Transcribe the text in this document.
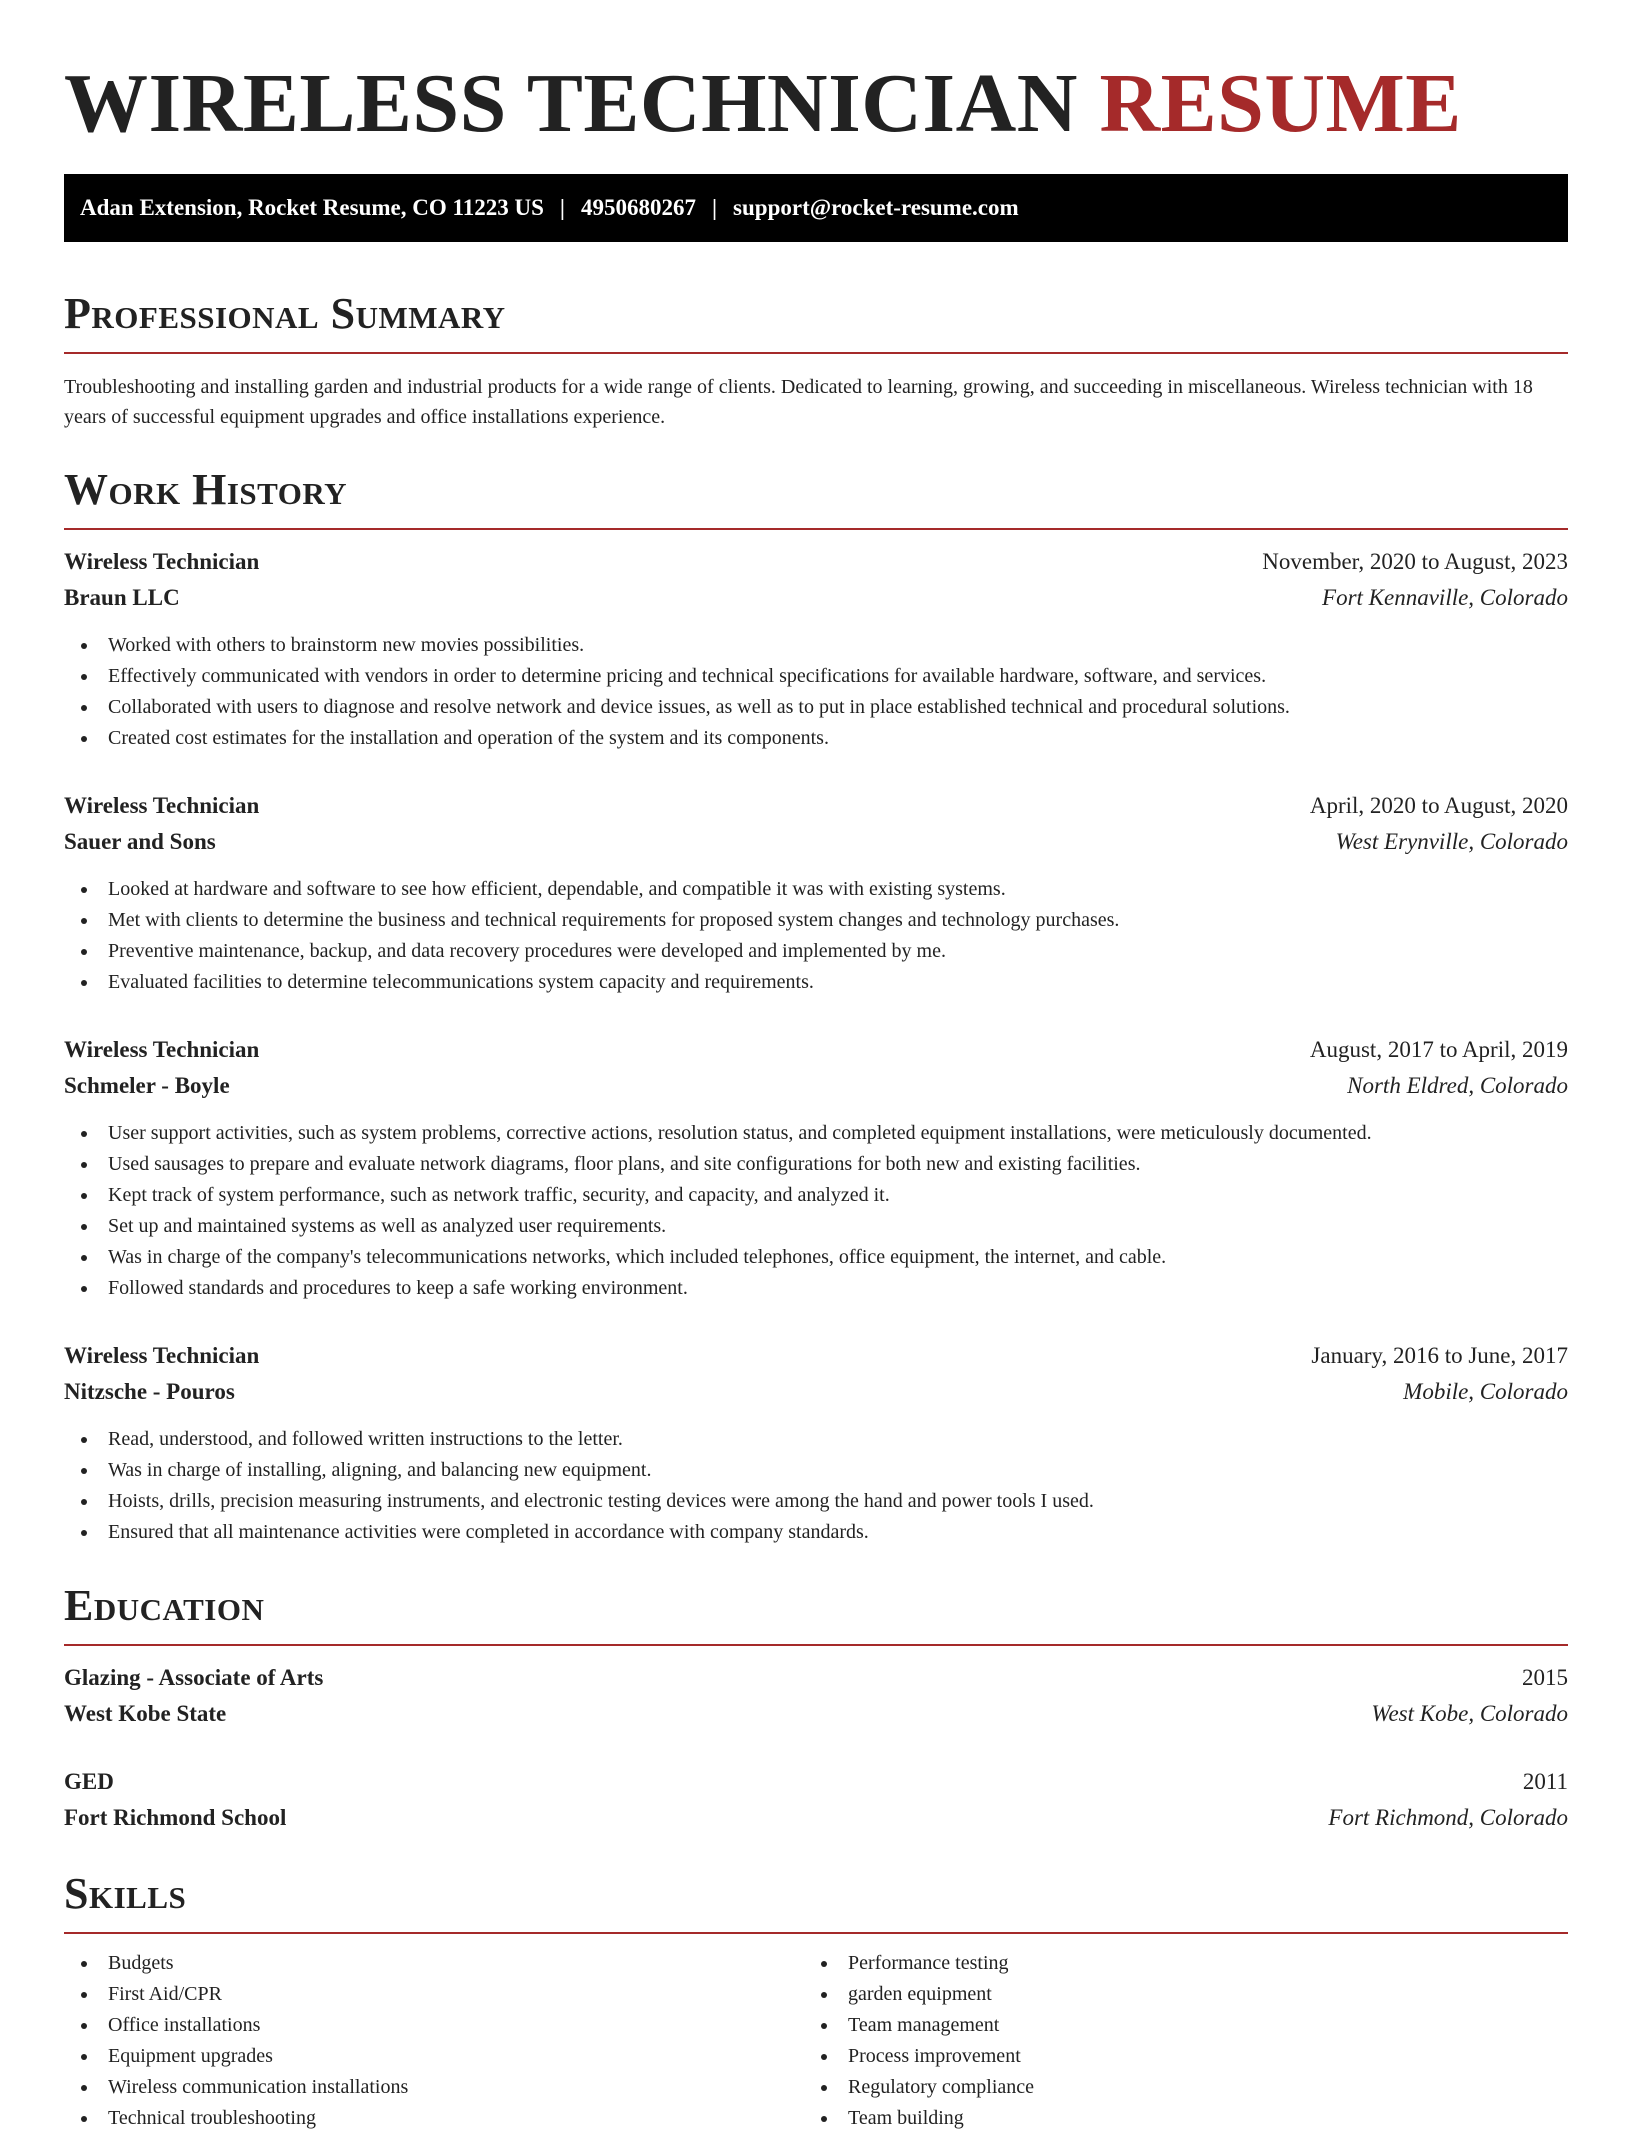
WIRELESS TECHNICIAN RESUME
Adan Extension, Rocket Resume, CO 11223 US | 4950680267 | support@rocket-resume.com
Professional Summary

Troubleshooting and installing garden and industrial products for a wide range of clients. Dedicated to learning, growing, and succeeding in miscellaneous. Wireless technician with 18 years of successful equipment upgrades and office installations experience.

Work History
Wireless Technician	November, 2020 to August, 2023
Braun LLC	Fort Kennaville, Colorado
Worked with others to brainstorm new movies possibilities.
Effectively communicated with vendors in order to determine pricing and technical specifications for available hardware, software, and services.
Collaborated with users to diagnose and resolve network and device issues, as well as to put in place established technical and procedural solutions.
Created cost estimates for the installation and operation of the system and its components.
Wireless Technician	April, 2020 to August, 2020
Sauer and Sons	West Erynville, Colorado
Looked at hardware and software to see how efficient, dependable, and compatible it was with existing systems.
Met with clients to determine the business and technical requirements for proposed system changes and technology purchases.
Preventive maintenance, backup, and data recovery procedures were developed and implemented by me.
Evaluated facilities to determine telecommunications system capacity and requirements.
Wireless Technician	August, 2017 to April, 2019
Schmeler - Boyle	North Eldred, Colorado
User support activities, such as system problems, corrective actions, resolution status, and completed equipment installations, were meticulously documented.
Used sausages to prepare and evaluate network diagrams, floor plans, and site configurations for both new and existing facilities.
Kept track of system performance, such as network traffic, security, and capacity, and analyzed it.
Set up and maintained systems as well as analyzed user requirements.
Was in charge of the company's telecommunications networks, which included telephones, office equipment, the internet, and cable.
Followed standards and procedures to keep a safe working environment.
Wireless Technician	January, 2016 to June, 2017
Nitzsche - Pouros	Mobile, Colorado
Read, understood, and followed written instructions to the letter.
Was in charge of installing, aligning, and balancing new equipment.
Hoists, drills, precision measuring instruments, and electronic testing devices were among the hand and power tools I used.
Ensured that all maintenance activities were completed in accordance with company standards.
Education
Glazing - Associate of Arts	2015
West Kobe State	West Kobe, Colorado
GED	2011
Fort Richmond School	Fort Richmond, Colorado
Skills
Budgets
First Aid/CPR
Office installations
Equipment upgrades
Wireless communication installations
Technical troubleshooting
Performance testing
garden equipment
Team management
Process improvement
Regulatory compliance
Team building
